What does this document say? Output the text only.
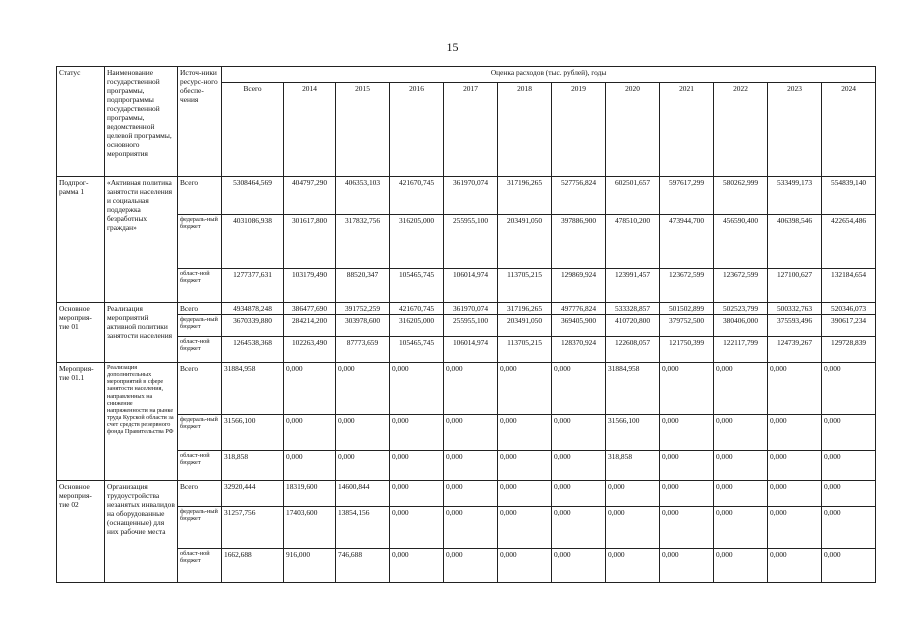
15
Статус	Наименование государственной программы, подпрограммы государственной программы, ведомственной целевой программы, основного мероприятия	Источ-ники ресурс-ного обеспе-чения	Оценка расходов (тыс. рублей), годы											
			Всего	2014	2015	2016	2017	2018	2019	2020	2021	2022	2023	2024
Подпрог-рамма 1	«Активная политика занятости населения и социальная поддержка безработных граждан»	Всего	5308464,569	404797,290	406353,103	421670,745	361970,074	317196,265	527756,824	602501,657	597617,299	580262,999	533499,173	554839,140
		федераль-ный бюджет	4031086,938	301617,800	317832,756	316205,000	255955,100	203491,050	397886,900	478510,200	473944,700	456590,400	406398,546	422654,486
		област-ной бюджет	1277377,631	103179,490	88520,347	105465,745	106014,974	113705,215	129869,924	123991,457	123672,599	123672,599	127100,627	132184,654
Основное мероприя-тие 01	Реализация мероприятий активной политики занятости населения	Всего	4934878,248	386477,690	391752,259	421670,745	361970,074	317196,265	497776,824	533328,857	501502,899	502523,799	500332,763	520346,073
		федераль-ный бюджет	3670339,880	284214,200	303978,600	316205,000	255955,100	203491,050	369405,900	410720,800	379752,500	380406,000	375593,496	390617,234
		област-ной бюджет	1264538,368	102263,490	87773,659	105465,745	106014,974	113705,215	128370,924	122608,057	121750,399	122117,799	124739,267	129728,839
Мероприя-тие 01.1	Реализация дополнительных мероприятий в сфере занятости населения, направленных на снижение напряженности на рынке труда Курской области за счет средств резервного фонда Правительства РФ	Всего	31884,958	0,000	0,000	0,000	0,000	0,000	0,000	31884,958	0,000	0,000	0,000	0,000
		федераль-ный бюджет	31566,100	0,000	0,000	0,000	0,000	0,000	0,000	31566,100	0,000	0,000	0,000	0,000
		област-ной бюджет	318,858	0,000	0,000	0,000	0,000	0,000	0,000	318,858	0,000	0,000	0,000	0,000
Основное мероприя-тие 02	Организация трудоустройства незанятых инвалидов на оборудованные (оснащенные) для них рабочие места	Всего	32920,444	18319,600	14600,844	0,000	0,000	0,000	0,000	0,000	0,000	0,000	0,000	0,000
		федераль-ный бюджет	31257,756	17403,600	13854,156	0,000	0,000	0,000	0,000	0,000	0,000	0,000	0,000	0,000
		област-ной бюджет	1662,688	916,000	746,688	0,000	0,000	0,000	0,000	0,000	0,000	0,000	0,000	0,000
